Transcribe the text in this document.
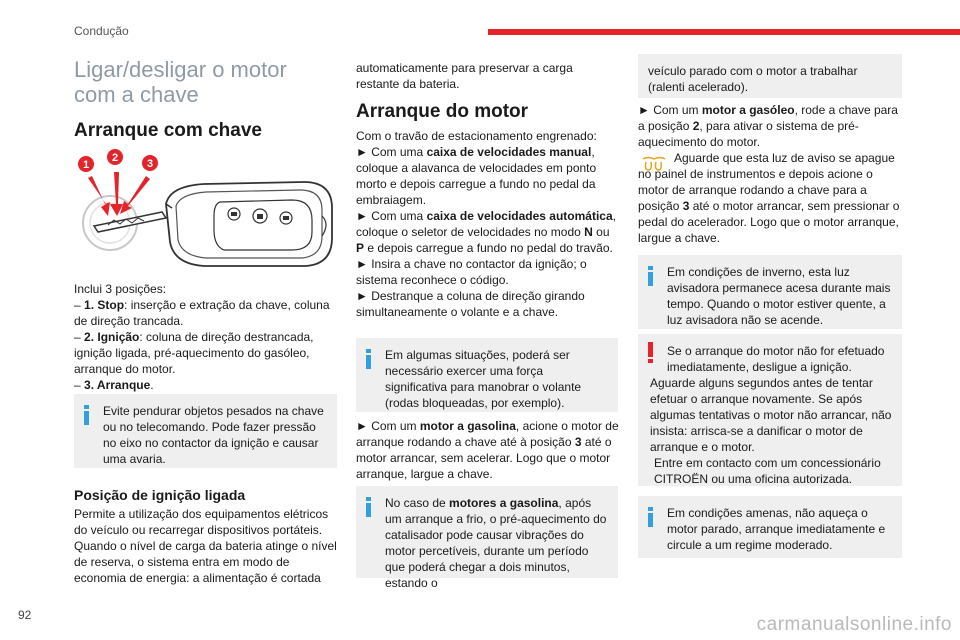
Condução
92
Ligar/desligar o motor com a chave
Arranque com chave
1
2	3
Inclui 3 posições:
– 1. Stop: inserção e extração da chave, coluna de direção trancada.
– 2. Ignição: coluna de direção destrancada, ignição ligada, pré-aquecimento do gasóleo, arranque do motor.
– 3. Arranque.
Evite pendurar objetos pesados na chave ou no telecomando. Pode fazer pressão no eixo no contactor da ignição e causar uma avaria.
Posição de ignição ligada
Permite a utilização dos equipamentos elétricos do veículo ou recarregar dispositivos portáteis. Quando o nível de carga da bateria atinge o nível de reserva, o sistema entra em modo de economia de energia: a alimentação é cortada
automaticamente para preservar a carga restante da bateria.
Arranque do motor
Com o travão de estacionamento engrenado:
► Com uma caixa de velocidades manual, coloque a alavanca de velocidades em ponto morto e depois carregue a fundo no pedal da embraiagem.
► Com uma caixa de velocidades automática, coloque o seletor de velocidades no modo N ou P e depois carregue a fundo no pedal do travão.
► Insira a chave no contactor da ignição; o sistema reconhece o código.
► Destranque a coluna de direção girando simultaneamente o volante e a chave.
Em algumas situações, poderá ser necessário exercer uma força significativa para manobrar o volante (rodas bloqueadas, por exemplo).
► Com um motor a gasolina, acione o motor de arranque rodando a chave até à posição 3 até o motor arrancar, sem acelerar. Logo que o motor arranque, largue a chave.
No caso de motores a gasolina, após um arranque a frio, o pré-aquecimento do catalisador pode causar vibrações do motor percetíveis, durante um período que poderá chegar a dois minutos, estando o
veículo parado com o motor a trabalhar (ralenti acelerado).
► Com um motor a gasóleo, rode a chave para a posição 2, para ativar o sistema de pré-aquecimento do motor.
Aguarde que esta luz de aviso se apague no painel de instrumentos e depois acione o motor de arranque rodando a chave para a posição 3 até o motor arrancar, sem pressionar o pedal do acelerador. Logo que o motor arranque, largue a chave.
Em condições de inverno, esta luz avisadora permanece acesa durante mais tempo. Quando o motor estiver quente, a luz avisadora não se acende.
Se o arranque do motor não for efetuado imediatamente, desligue a ignição.
Aguarde alguns segundos antes de tentar efetuar o arranque novamente. Se após algumas tentativas o motor não arrancar, não insista: arrisca-se a danificar o motor de arranque e o motor.
Entre em contacto com um concessionário CITROËN ou uma oficina autorizada.
Em condições amenas, não aqueça o motor parado, arranque imediatamente e circule a um regime moderado.
carmanualsonline.info
